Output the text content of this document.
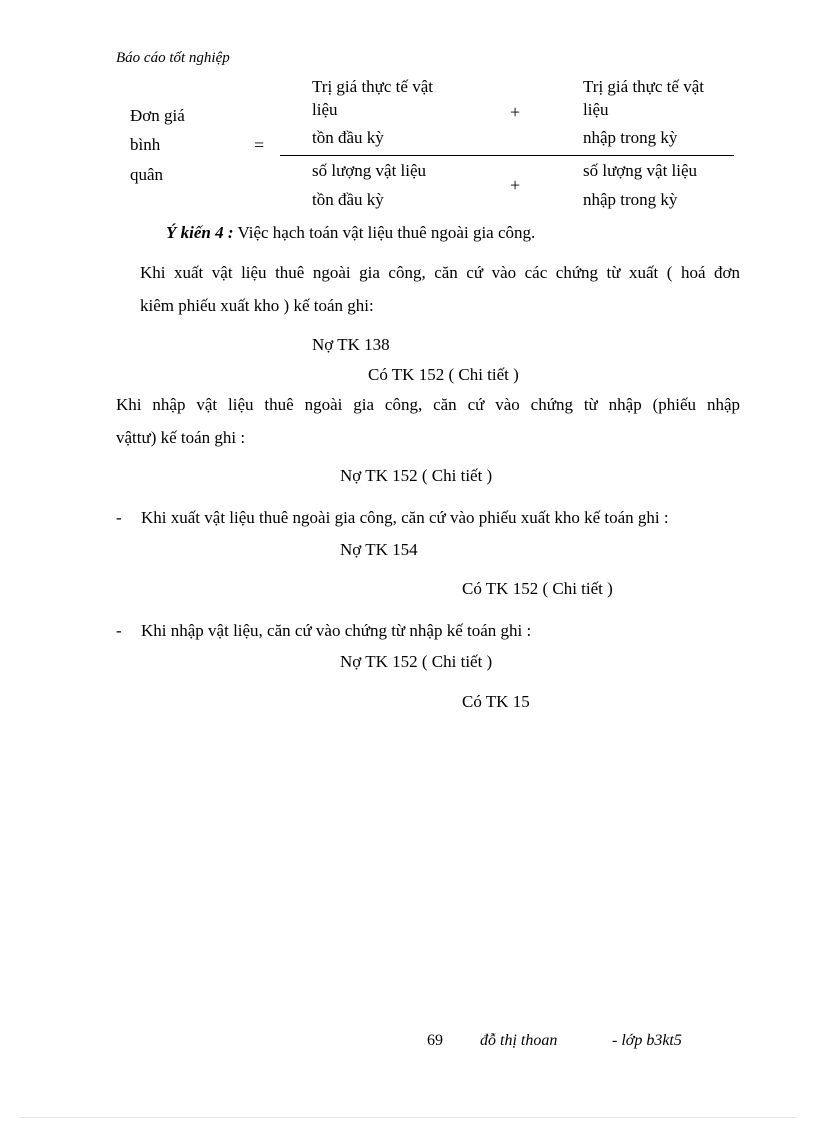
Báo cáo tốt nghiệp
Đơn giá
bình
quân
=
Trị giá thực tế vật
liệu
tồn đầu kỳ
+
Trị giá thực tế vật
liệu
nhập trong kỳ
số lượng vật liệu
tồn đầu kỳ
+
số lượng vật liệu
nhập trong kỳ
Ý kiến 4 : Việc hạch toán vật liệu thuê ngoài gia công.
Khi xuất vật liệu thuê ngoài gia công, căn cứ vào các chứng từ xuất ( hoá đơn
kiêm phiếu xuất kho ) kế toán ghi:
Nợ TK 138
Có TK 152 ( Chi tiết )
Khi nhập vật liệu thuê ngoài gia công, căn cứ vào chứng từ nhập (phiếu nhập
vậttư) kế toán ghi :
Nợ TK 152 ( Chi tiết )
- Khi xuất vật liệu thuê ngoài gia công, căn cứ vào phiếu xuất kho kế toán ghi :
Nợ TK 154
Có TK 152 ( Chi tiết )
- Khi nhập vật liệu, căn cứ vào chứng từ nhập kế toán ghi :
Nợ TK 152 ( Chi tiết )
Có TK 15
69 đỗ thị thoan	- lớp b3kt5
